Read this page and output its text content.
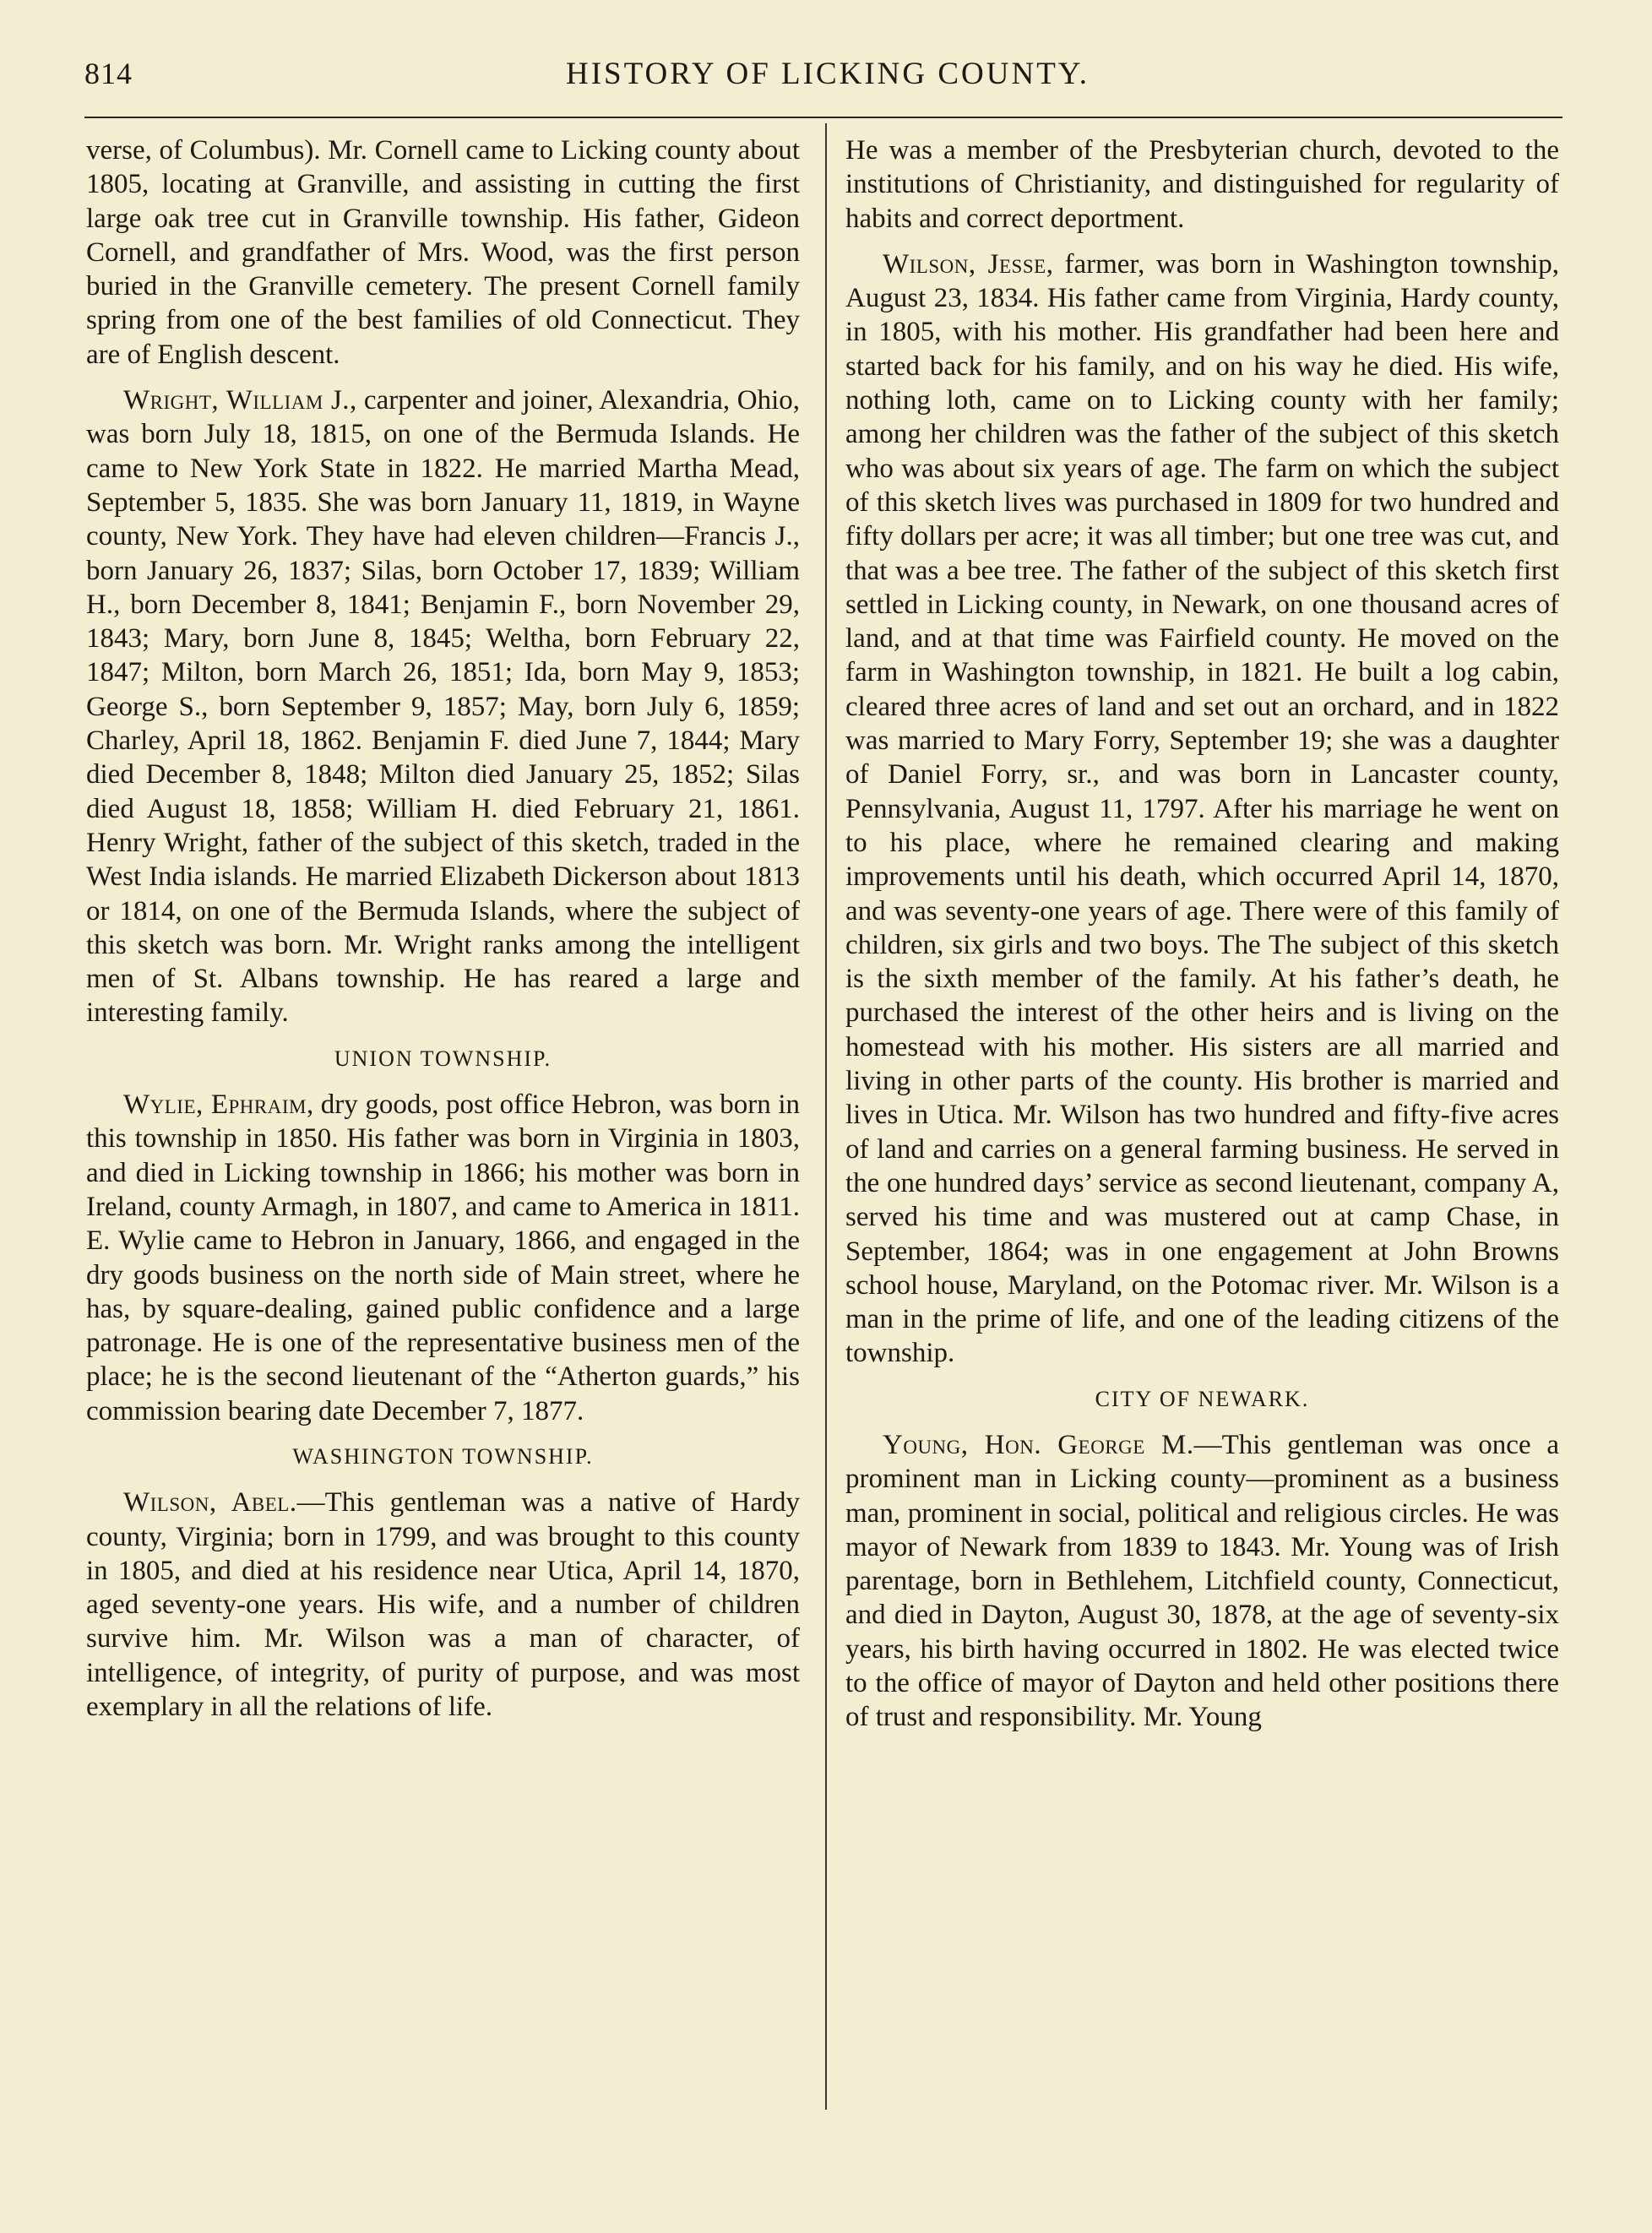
814	HISTORY OF LICKING COUNTY.

verse, of Columbus). Mr. Cornell came to Licking county about 1805, locating at Granville, and assisting in cutting the first large oak tree cut in Granville township. His father, Gideon Cornell, and grandfather of Mrs. Wood, was the first person buried in the Granville cemetery. The present Cornell family spring from one of the best families of old Connecticut. They are of English descent.

Wright, William J., carpenter and joiner, Alexandria, Ohio, was born July 18, 1815, on one of the Bermuda Islands. He came to New York State in 1822. He married Martha Mead, September 5, 1835. She was born January 11, 1819, in Wayne county, New York. They have had eleven children—Francis J., born January 26, 1837; Silas, born October 17, 1839; William H., born December 8, 1841; Benjamin F., born November 29, 1843; Mary, born June 8, 1845; Weltha, born February 22, 1847; Milton, born March 26, 1851; Ida, born May 9, 1853; George S., born September 9, 1857; May, born July 6, 1859; Charley, April 18, 1862. Benjamin F. died June 7, 1844; Mary died December 8, 1848; Milton died January 25, 1852; Silas died August 18, 1858; William H. died February 21, 1861. Henry Wright, father of the subject of this sketch, traded in the West India islands. He married Elizabeth Dickerson about 1813 or 1814, on one of the Bermuda Islands, where the subject of this sketch was born. Mr. Wright ranks among the intelligent men of St. Albans township. He has reared a large and interesting family.

UNION TOWNSHIP.

Wylie, Ephraim, dry goods, post office Hebron, was born in this township in 1850. His father was born in Virginia in 1803, and died in Licking township in 1866; his mother was born in Ireland, county Armagh, in 1807, and came to America in 1811. E. Wylie came to Hebron in January, 1866, and engaged in the dry goods business on the north side of Main street, where he has, by square-dealing, gained public confidence and a large patronage. He is one of the representative business men of the place; he is the second lieutenant of the “Atherton guards,” his commission bearing date December 7, 1877.

WASHINGTON TOWNSHIP.

Wilson, Abel.—This gentleman was a native of Hardy county, Virginia; born in 1799, and was brought to this county in 1805, and died at his residence near Utica, April 14, 1870, aged seventy-one years. His wife, and a number of children survive him. Mr. Wilson was a man of character, of intelligence, of integrity, of purity of purpose, and was most exemplary in all the relations of life.

He was a member of the Presbyterian church, devoted to the institutions of Christianity, and distinguished for regularity of habits and correct deportment.

Wilson, Jesse, farmer, was born in Washington township, August 23, 1834. His father came from Virginia, Hardy county, in 1805, with his mother. His grandfather had been here and started back for his family, and on his way he died. His wife, nothing loth, came on to Licking county with her family; among her children was the father of the subject of this sketch who was about six years of age. The farm on which the subject of this sketch lives was purchased in 1809 for two hundred and fifty dollars per acre; it was all timber; but one tree was cut, and that was a bee tree. The father of the subject of this sketch first settled in Licking county, in Newark, on one thousand acres of land, and at that time was Fairfield county. He moved on the farm in Washington township, in 1821. He built a log cabin, cleared three acres of land and set out an orchard, and in 1822 was married to Mary Forry, September 19; she was a daughter of Daniel Forry, sr., and was born in Lancaster county, Pennsylvania, August 11, 1797. After his marriage he went on to his place, where he remained clearing and making improvements until his death, which occurred April 14, 1870, and was seventy-one years of age. There were of this family of children, six girls and two boys. The The subject of this sketch is the sixth member of the family. At his father’s death, he purchased the interest of the other heirs and is living on the homestead with his mother. His sisters are all married and living in other parts of the county. His brother is married and lives in Utica. Mr. Wilson has two hundred and fifty-five acres of land and carries on a general farming business. He served in the one hundred days’ service as second lieutenant, company A, served his time and was mustered out at camp Chase, in September, 1864; was in one engagement at John Browns school house, Maryland, on the Potomac river. Mr. Wilson is a man in the prime of life, and one of the leading citizens of the township.

CITY OF NEWARK.

Young, Hon. George M.—This gentleman was once a prominent man in Licking county—prominent as a business man, prominent in social, political and religious circles. He was mayor of Newark from 1839 to 1843. Mr. Young was of Irish parentage, born in Bethlehem, Litchfield county, Connecticut, and died in Dayton, August 30, 1878, at the age of seventy-six years, his birth having occurred in 1802. He was elected twice to the office of mayor of Dayton and held other positions there of trust and responsibility. Mr. Young
